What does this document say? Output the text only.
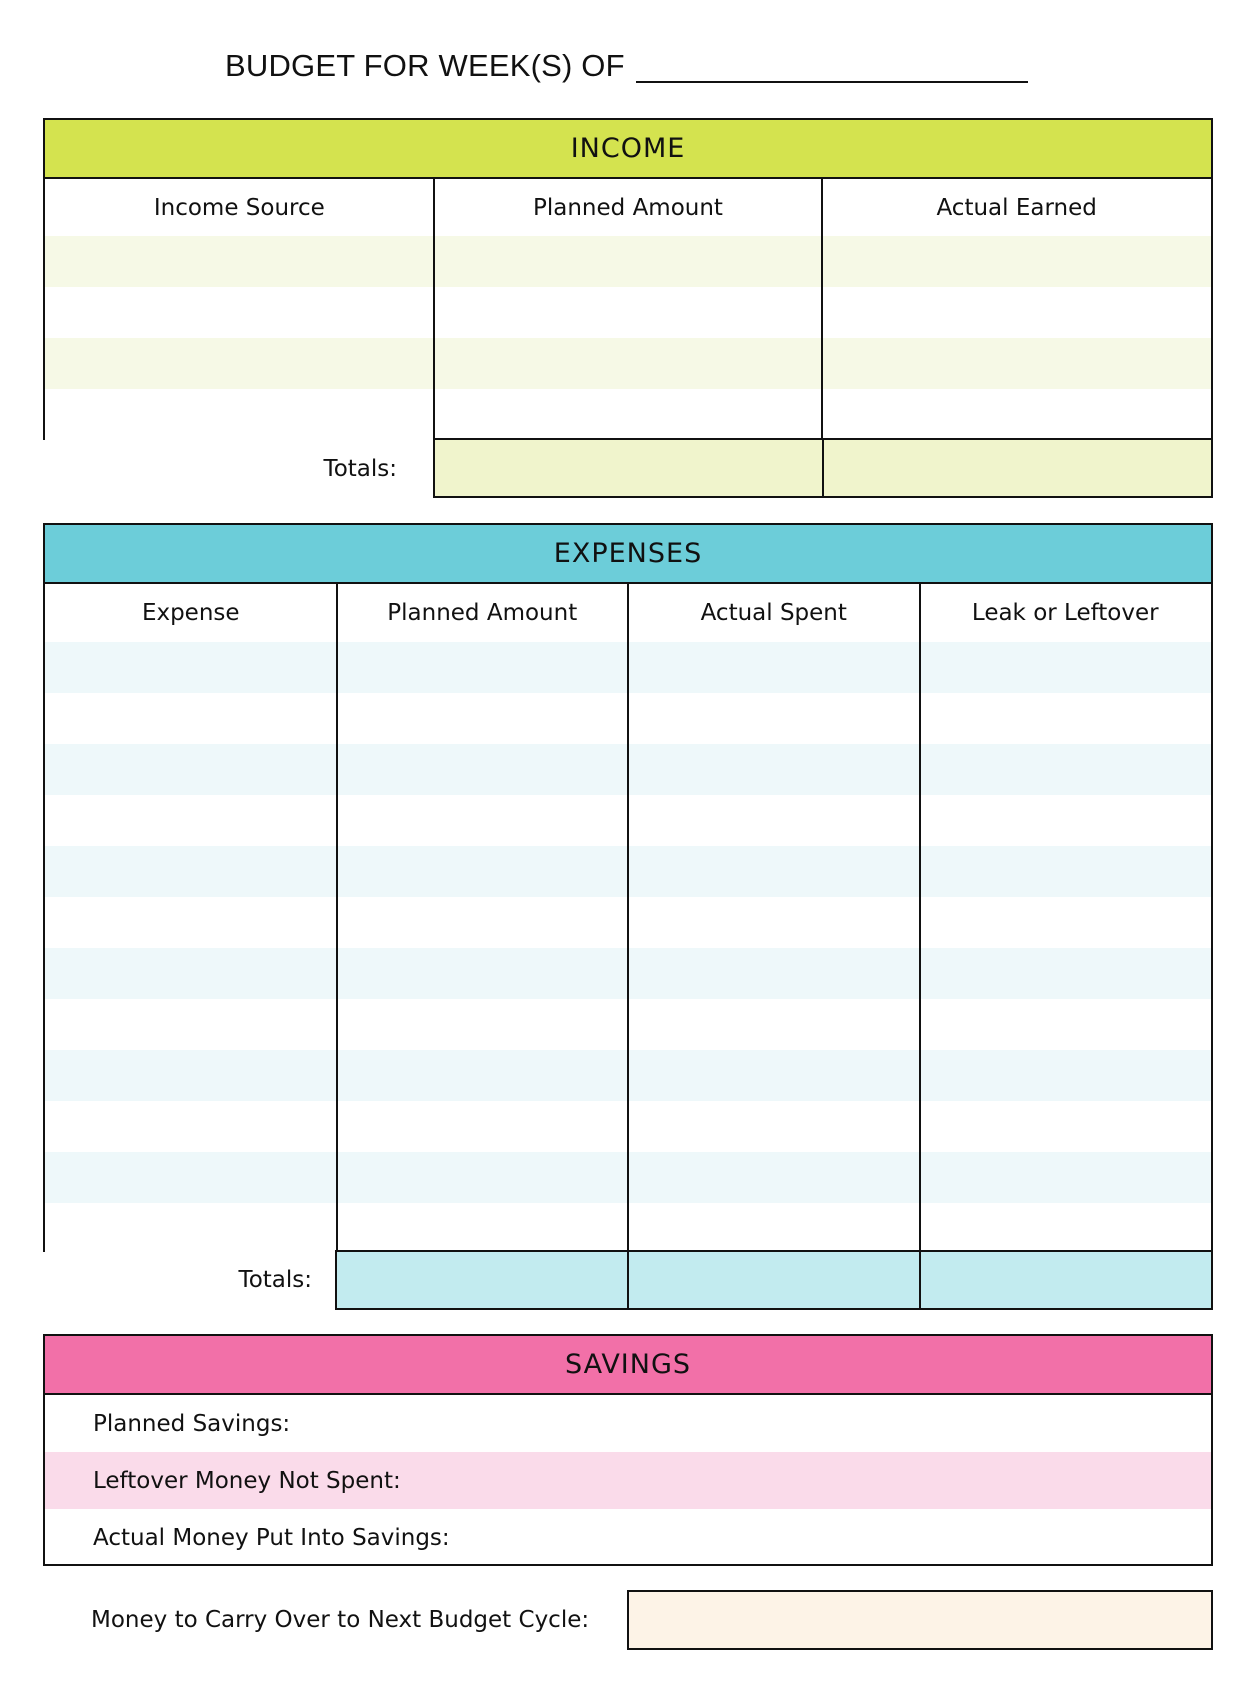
BUDGET FOR WEEK(S) OF
INCOME
Income Source	Planned Amount	Actual Earned
Totals:
EXPENSES
Expense	Planned Amount	Actual Spent	Leak or Leftover
Totals:
SAVINGS
Planned Savings:
Leftover Money Not Spent:
Actual Money Put Into Savings:
Money to Carry Over to Next Budget Cycle:
